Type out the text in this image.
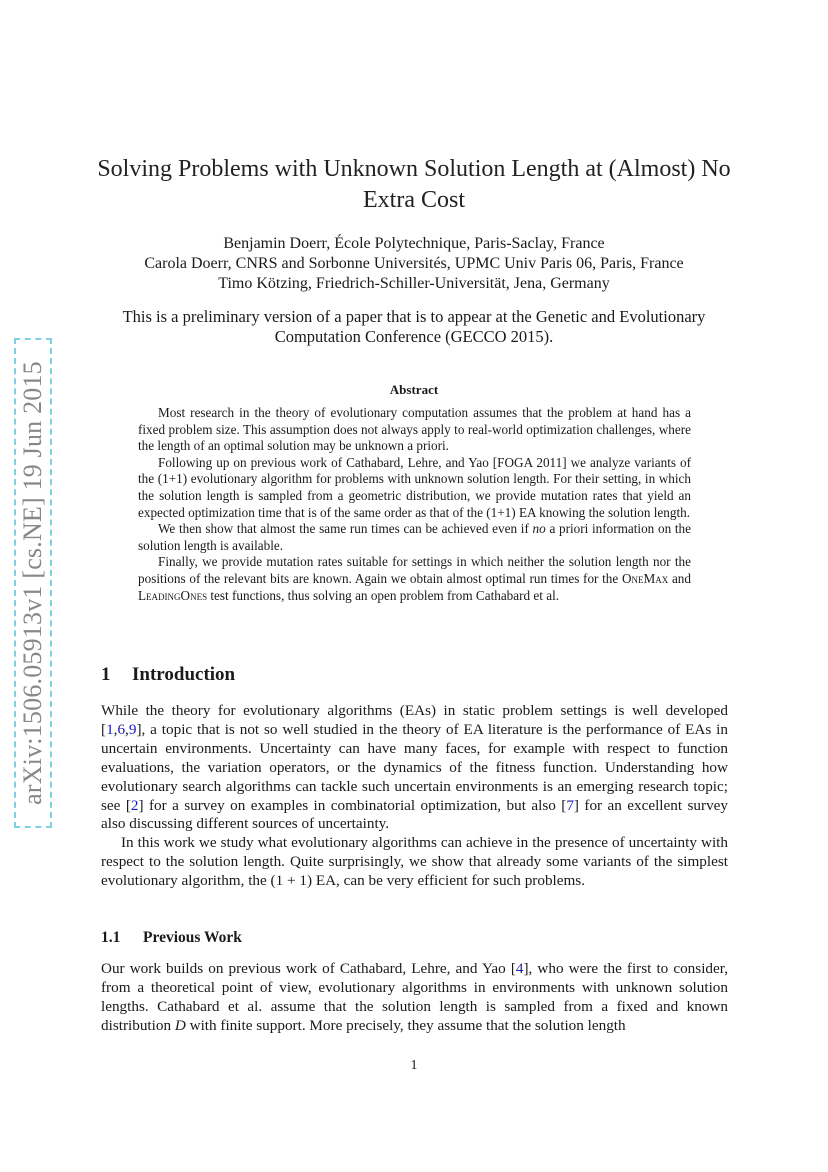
arXiv:1506.05913v1 [cs.NE] 19 Jun 2015
Solving Problems with Unknown Solution Length at (Almost) No Extra Cost
Benjamin Doerr, École Polytechnique, Paris-Saclay, France
Carola Doerr, CNRS and Sorbonne Universités, UPMC Univ Paris 06, Paris, France
Timo Kötzing, Friedrich-Schiller-Universität, Jena, Germany
This is a preliminary version of a paper that is to appear at the Genetic and Evolutionary Computation Conference (GECCO 2015).
Abstract

Most research in the theory of evolutionary computation assumes that the problem at hand has a fixed problem size. This assumption does not always apply to real-world optimization challenges, where the length of an optimal solution may be unknown a priori.

Following up on previous work of Cathabard, Lehre, and Yao [FOGA 2011] we analyze variants of the (1+1) evolutionary algorithm for problems with unknown solution length. For their setting, in which the solution length is sampled from a geometric distribution, we provide mutation rates that yield an expected optimization time that is of the same order as that of the (1+1) EA knowing the solution length.

We then show that almost the same run times can be achieved even if no a priori information on the solution length is available.

Finally, we provide mutation rates suitable for settings in which neither the solution length nor the positions of the relevant bits are known. Again we obtain almost optimal run times for the OneMax and LeadingOnes test functions, thus solving an open problem from Cathabard et al.

1 Introduction

While the theory for evolutionary algorithms (EAs) in static problem settings is well developed [1,6,9], a topic that is not so well studied in the theory of EA literature is the performance of EAs in uncertain environments. Uncertainty can have many faces, for example with respect to function evaluations, the variation operators, or the dynamics of the fitness function. Understanding how evolutionary search algorithms can tackle such uncertain environments is an emerging research topic; see [2] for a survey on examples in combinatorial optimization, but also [7] for an excellent survey also discussing different sources of uncertainty.

In this work we study what evolutionary algorithms can achieve in the presence of uncertainty with respect to the solution length. Quite surprisingly, we show that already some variants of the simplest evolutionary algorithm, the (1 + 1) EA, can be very efficient for such problems.

1.1 Previous Work

Our work builds on previous work of Cathabard, Lehre, and Yao [4], who were the first to consider, from a theoretical point of view, evolutionary algorithms in environments with unknown solution lengths. Cathabard et al. assume that the solution length is sampled from a fixed and known distribution D with finite support. More precisely, they assume that the solution length

1
